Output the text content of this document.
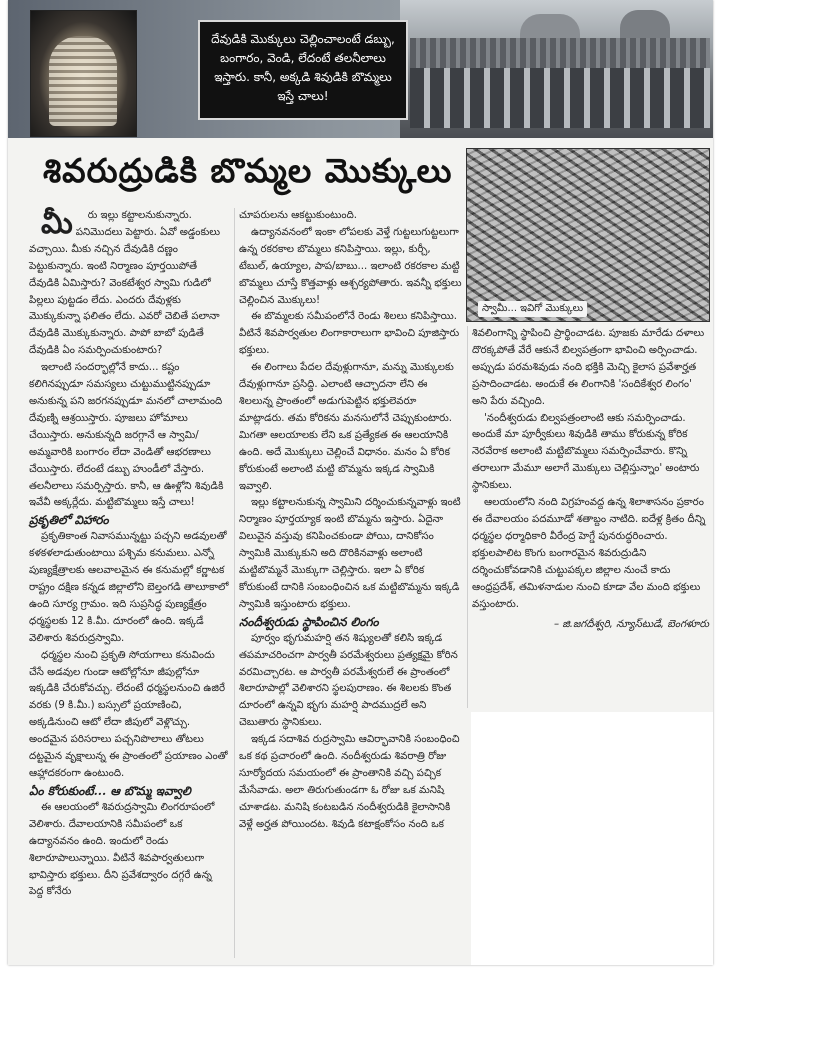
దేవుడికి మొక్కులు చెల్లించాలంటే డబ్బు, బంగారం, వెండి, లేదంటే తలనీలాలు ఇస్తారు. కానీ, అక్కడి శివుడికి బొమ్మలు ఇస్తే చాలు!
శివరుద్రుడికి బొమ్మల మొక్కులు
స్వామీ... ఇవిగో మొక్కులు

మీ రు ఇల్లు కట్టాలనుకున్నారు. పనిమొదలు పెట్టారు. ఏవో అడ్డంకులు వచ్చాయి. మీకు నచ్చిన దేవుడికి దణ్ణం పెట్టుకున్నారు. ఇంటి నిర్మాణం పూర్తయిపోతే దేవుడికి ఏమిస్తారు? వెంకటేశ్వర స్వామి గుడిలో పిల్లలు పుట్టడం లేదు. ఎందరు దేవుళ్లకు మొక్కుకున్నా ఫలితం లేదు. ఎవరో చెబితే పలానా దేవుడికి మొక్కుకున్నారు. పాపో బాబో పుడితే దేవుడికి ఏం సమర్పించుకుంటారు?

ఇలాంటి సందర్భాల్లోనే కాదు... కష్టం కలిగినప్పుడూ సమస్యలు చుట్టుముట్టినప్పుడూ అనుకున్న పని జరగనప్పుడూ మనలో చాలామంది దేవుణ్ని ఆశ్రయిస్తారు. పూజలు హోమాలు చేయిస్తారు. అనుకున్నది జరగ్గానే ఆ స్వామి/అమ్మవారికి బంగారం లేదా వెండితో ఆభరణాలు చేయిస్తారు. లేదంటే డబ్బు హుండీలో వేస్తారు. తలనీలాలు సమర్పిస్తారు. కానీ, ఆ ఊళ్లోని శివుడికి ఇవేవీ అక్కర్లేదు. మట్టిబొమ్మలు ఇస్తే చాలు!

ప్రకృతిలో విహారం

ప్రకృతికాంత నివాసమున్నట్టు పచ్చని అడవులతో కళకళలాడుతుంటాయి పశ్చిమ కనుమలు. ఎన్నో పుణ్యక్షేత్రాలకు ఆలవాలమైన ఈ కనుమల్లో కర్ణాటక రాష్ట్రం దక్షిణ కన్నడ జిల్లాలోని బెల్తంగడి తాలూకాలో ఉంది సూర్య గ్రామం. ఇది సుప్రసిద్ధ పుణ్యక్షేత్రం ధర్మస్థలకు 12 కి.మీ. దూరంలో ఉంది. ఇక్కడే వెలిశారు శివరుద్రస్వామి.

ధర్మస్థల నుంచి ప్రకృతి సోయగాలు కనువిందు చేసే అడవుల గుండా ఆటోల్లోనూ జీపుల్లోనూ ఇక్కడికి చేరుకోవచ్చు. లేదంటే ధర్మస్థలనుంచి ఉజిరే వరకు (9 కి.మీ.) బస్సులో ప్రయాణించి, అక్కడినుంచి ఆటో లేదా జీపులో వెళ్లొచ్చు. అందమైన పరిసరాలు పచ్చనిపొలాలు తోటలు దట్టమైన వృక్షాలున్న ఈ ప్రాంతంలో ప్రయాణం ఎంతో ఆహ్లాదకరంగా ఉంటుంది.

ఏం కోరుకుంటే... ఆ బొమ్మ ఇవ్వాలి

ఈ ఆలయంలో శివరుద్రస్వామి లింగరూపంలో వెలిశారు. దేవాలయానికి సమీపంలో ఒక ఉద్యానవనం ఉంది. ఇందులో రెండు శిలారూపాలున్నాయి. వీటినే శివపార్వతులుగా భావిస్తారు భక్తులు. దీని ప్రవేశద్వారం దగ్గరే ఉన్న పెద్ద కోనేరు

చూపరులను ఆకట్టుకుంటుంది.

ఉద్యానవనంలో ఇంకా లోపలకు వెళ్తే గుట్టలుగుట్టలుగా ఉన్న రకరకాల బొమ్మలు కనిపిస్తాయి. ఇల్లు, కుర్చీ, టేబుల్, ఉయ్యాల, పాప/బాబు... ఇలాంటి రకరకాల మట్టి బొమ్మలు చూస్తే కొత్తవాళ్లు ఆశ్చర్యపోతారు. ఇవన్నీ భక్తులు చెల్లించిన మొక్కులు!

ఈ బొమ్మలకు సమీపంలోనే రెండు శిలలు కనిపిస్తాయి. వీటినే శివపార్వతుల లింగాకారాలుగా భావించి పూజిస్తారు భక్తులు.

ఈ లింగాలు పేదల దేవుళ్లుగానూ, మన్ను మొక్కులకు దేవుళ్లుగానూ ప్రసిద్ధి. ఎలాంటి ఆచ్ఛాదనా లేని ఈ శిలలున్న ప్రాంతంలో అడుగుపెట్టిన భక్తులెవరూ మాట్లాడరు. తమ కోరికను మనసులోనే చెప్పుకుంటారు. మిగతా ఆలయాలకు లేని ఒక ప్రత్యేకత ఈ ఆలయానికి ఉంది. అదే మొక్కులు చెల్లించే విధానం. మనం ఏ కోరిక కోరుకుంటే అలాంటి మట్టి బొమ్మను ఇక్కడ స్వామికి ఇవ్వాలి.

ఇల్లు కట్టాలనుకున్న స్వామిని దర్శించుకున్నవాళ్లు ఇంటి నిర్మాణం పూర్తయ్యాక ఇంటి బొమ్మను ఇస్తారు. ఏదైనా విలువైన వస్తువు కనిపించకుండా పోయి, దానికోసం స్వామికి మొక్కుకుని అది దొరికినవాళ్లు అలాంటి మట్టిబొమ్మనే మొక్కుగా చెల్లిస్తారు. ఇలా ఏ కోరిక కోరుకుంటే దానికి సంబంధించిన ఒక మట్టిబొమ్మను ఇక్కడి స్వామికి ఇస్తుంటారు భక్తులు.

నందీశ్వరుడు స్థాపించిన లింగం

పూర్వం భృగుమహర్షి తన శిష్యులతో కలిసి ఇక్కడ తపమాచరించగా పార్వతీ పరమేశ్వరులు ప్రత్యక్షమై కోరిన వరమిచ్చారట. ఆ పార్వతీ పరమేశ్వరులే ఈ ప్రాంతంలో శిలారూపాల్లో వెలిశారని స్థలపురాణం. ఈ శిలలకు కొంత దూరంలో ఉన్నవి భృగు మహర్షి పాదముద్రలే అని చెబుతారు స్థానికులు.

ఇక్కడ సదాశివ రుద్రస్వామి ఆవిర్భావానికి సంబంధించి ఒక కథ ప్రచారంలో ఉంది. నందీశ్వరుడు శివరాత్రి రోజు సూర్యోదయ సమయంలో ఈ ప్రాంతానికి వచ్చి పచ్చిక మేసేవాడు. అలా తిరుగుతుండగా ఓ రోజు ఒక మనిషి చూశాడట. మనిషి కంటబడిన నందీశ్వరుడికి కైలాసానికి వెళ్లే అర్హత పోయిందట. శివుడి కటాక్షంకోసం నంది ఒక

శివలింగాన్ని స్థాపించి ప్రార్థించాడట. పూజకు మారేడు దళాలు దొరక్కపోతే వేరే ఆకునే బిల్వపత్రంగా భావించి అర్పించాడు. అప్పుడు పరమశివుడు నంది భక్తికి మెచ్చి కైలాస ప్రవేశార్హత ప్రసాదించాడట. అందుకే ఈ లింగానికి 'సందికేశ్వర లింగం' అని పేరు వచ్చింది.

'నందీశ్వరుడు బిల్వపత్రంలాంటి ఆకు సమర్పించాడు. అందుకే మా పూర్వీకులు శివుడికి తాము కోరుకున్న కోరిక నెరవేరాక అలాంటి మట్టిబొమ్మలు సమర్పించేవారు. కొన్ని తరాలుగా మేమూ అలాగే మొక్కులు చెల్లిస్తున్నాం' అంటారు స్థానికులు.

ఆలయంలోని నంది విగ్రహంవద్ద ఉన్న శిలాశాసనం ప్రకారం ఈ దేవాలయం పదమూడో శతాబ్దం నాటిది. ఐదేళ్ల క్రితం దీన్ని ధర్మస్థల ధర్మాధికారి వీరేంద్ర హెగ్డే పునరుద్ధరించారు. భక్తులపాలిట కొంగు బంగారమైన శివరుద్రుడిని దర్శించుకోవడానికి చుట్టుపక్కల జిల్లాల నుంచే కాదు ఆంధ్రప్రదేశ్, తమిళనాడుల నుంచి కూడా వేల మంది భక్తులు వస్తుంటారు.

– జి.జగదీశ్వరి, న్యూస్‌టుడే, బెంగళూరు
